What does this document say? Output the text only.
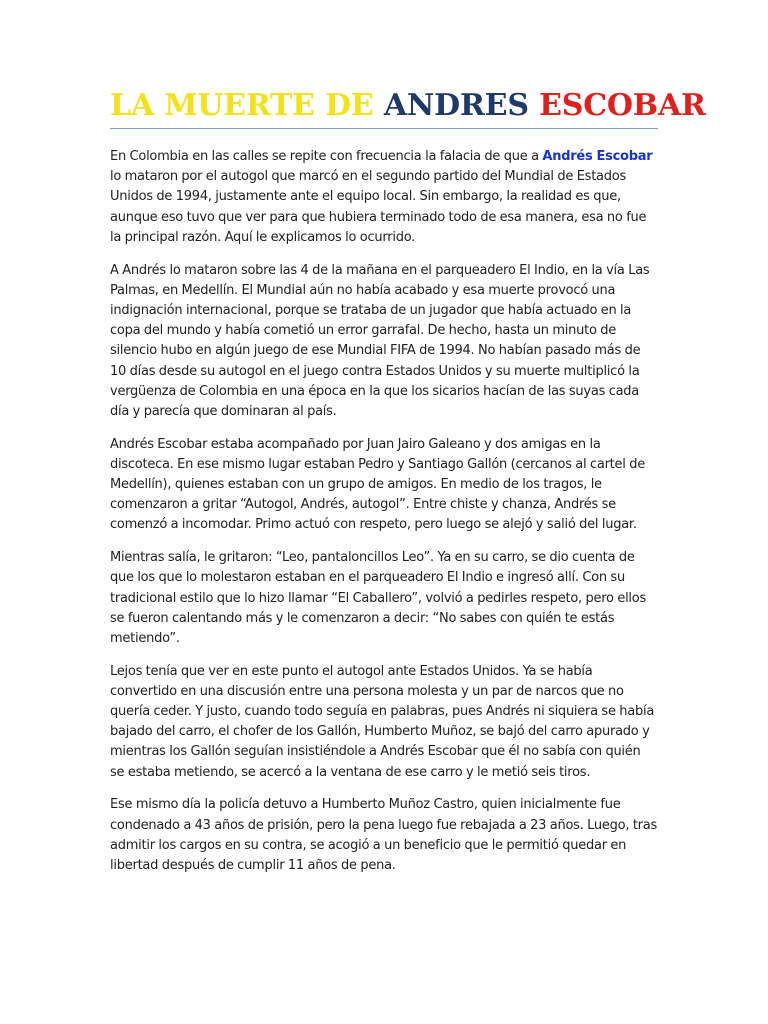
LA MUERTE DE ANDRES ESCOBAR

En Colombia en las calles se repite con frecuencia la falacia de que a Andrés Escobar lo mataron por el autogol que marcó en el segundo partido del Mundial de Estados Unidos de 1994, justamente ante el equipo local. Sin embargo, la realidad es que, aunque eso tuvo que ver para que hubiera terminado todo de esa manera, esa no fue la principal razón. Aquí le explicamos lo ocurrido.

A Andrés lo mataron sobre las 4 de la mañana en el parqueadero El Indio, en la vía Las Palmas, en Medellín. El Mundial aún no había acabado y esa muerte provocó una indignación internacional, porque se trataba de un jugador que había actuado en la copa del mundo y había cometió un error garrafal. De hecho, hasta un minuto de silencio hubo en algún juego de ese Mundial FIFA de 1994. No habían pasado más de 10 días desde su autogol en el juego contra Estados Unidos y su muerte multiplicó la vergüenza de Colombia en una época en la que los sicarios hacían de las suyas cada día y parecía que dominaran al país.

Andrés Escobar estaba acompañado por Juan Jairo Galeano y dos amigas en la discoteca. En ese mismo lugar estaban Pedro y Santiago Gallón (cercanos al cartel de Medellín), quienes estaban con un grupo de amigos. En medio de los tragos, le comenzaron a gritar “Autogol, Andrés, autogol”. Entre chiste y chanza, Andrés se comenzó a incomodar. Primo actuó con respeto, pero luego se alejó y salió del lugar.

Mientras salía, le gritaron: “Leo, pantaloncillos Leo”. Ya en su carro, se dio cuenta de que los que lo molestaron estaban en el parqueadero El Indio e ingresó allí. Con su tradicional estilo que lo hizo llamar “El Caballero”, volvió a pedirles respeto, pero ellos se fueron calentando más y le comenzaron a decir: “No sabes con quién te estás metiendo”.

Lejos tenía que ver en este punto el autogol ante Estados Unidos. Ya se había convertido en una discusión entre una persona molesta y un par de narcos que no quería ceder. Y justo, cuando todo seguía en palabras, pues Andrés ni siquiera se había bajado del carro, el chofer de los Gallón, Humberto Muñoz, se bajó del carro apurado y mientras los Gallón seguían insistiéndole a Andrés Escobar que él no sabía con quién se estaba metiendo, se acercó a la ventana de ese carro y le metió seis tiros.

Ese mismo día la policía detuvo a Humberto Muñoz Castro, quien inicialmente fue condenado a 43 años de prisión, pero la pena luego fue rebajada a 23 años. Luego, tras admitir los cargos en su contra, se acogió a un beneficio que le permitió quedar en libertad después de cumplir 11 años de pena.
